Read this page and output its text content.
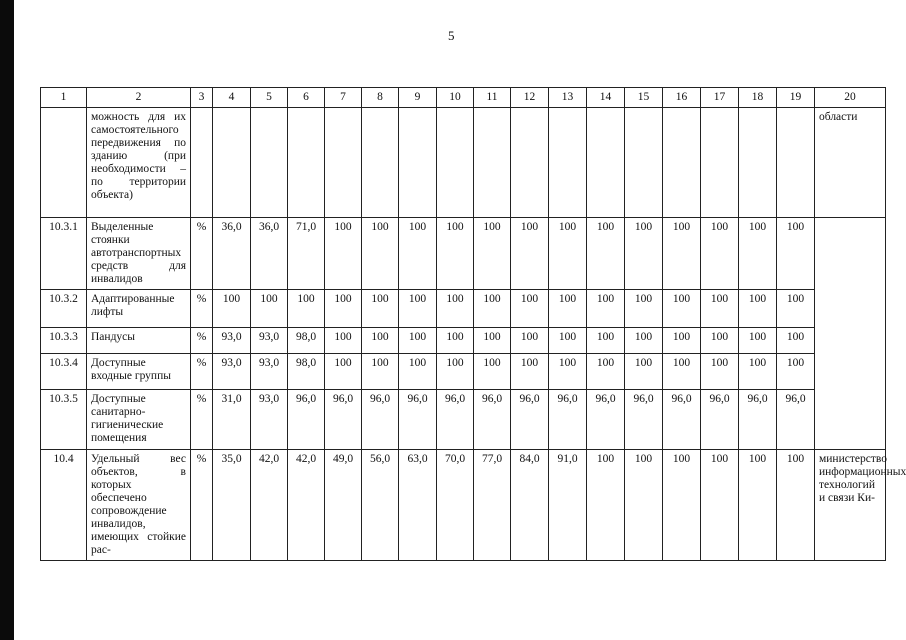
5
1	2	3	4	5	6	7	8	9	10	11	12	13	14	15	16	17	18	19	20
	можность для их самостоятельного передвижения по зданию (при необходимости – по территории объекта)																		области
10.3.1	Выделенные стоянки автотранспортных средств для инвалидов	%	36,0	36,0	71,0	100	100	100	100	100	100	100	100	100	100	100	100	100	
10.3.2	Адаптированные лифты	%	100	100	100	100	100	100	100	100	100	100	100	100	100	100	100	100	
10.3.3	Пандусы	%	93,0	93,0	98,0	100	100	100	100	100	100	100	100	100	100	100	100	100	
10.3.4	Доступные входные группы	%	93,0	93,0	98,0	100	100	100	100	100	100	100	100	100	100	100	100	100	
10.3.5	Доступные санитарно-гигиенические помещения	%	31,0	93,0	96,0	96,0	96,0	96,0	96,0	96,0	96,0	96,0	96,0	96,0	96,0	96,0	96,0	96,0	
10.4	Удельный вес объектов, в которых обеспечено сопровождение инвалидов, имеющих стойкие рас-	%	35,0	42,0	42,0	49,0	56,0	63,0	70,0	77,0	84,0	91,0	100	100	100	100	100	100	министерство информационных технологий и связи Ки-
